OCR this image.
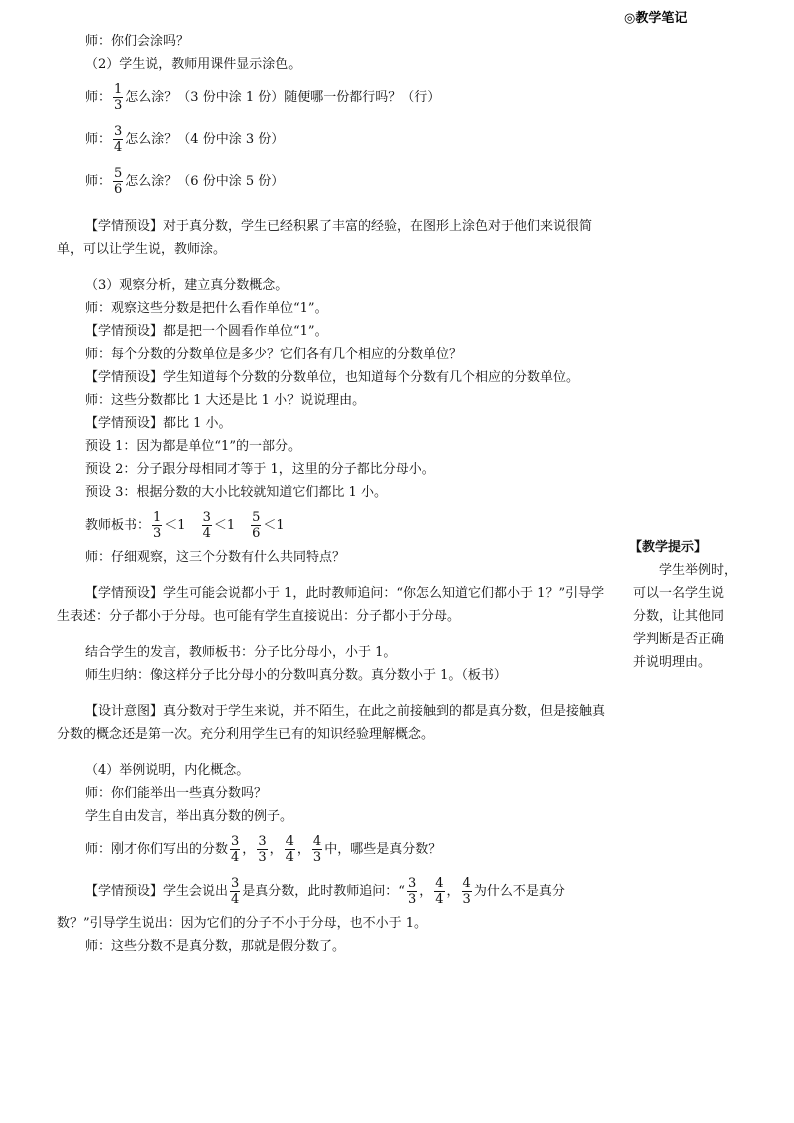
◎教学笔记

师：你们会涂吗？

（2）学生说，教师用课件显示涂色。

师： $\frac{1}{3}$ 怎么涂？（3 份中涂 1 份）随便哪一份都行吗？（行）
师： $\frac{3}{4}$ 怎么涂？（4 份中涂 3 份）
师： $\frac{5}{6}$ 怎么涂？（6 份中涂 5 份）

【学情预设】对于真分数，学生已经积累了丰富的经验，在图形上涂色对于他们来说很简单，可以让学生说，教师涂。

（3）观察分析，建立真分数概念。

师：观察这些分数是把什么看作单位“1”。

【学情预设】都是把一个圆看作单位“1”。

师：每个分数的分数单位是多少？它们各有几个相应的分数单位？

【学情预设】学生知道每个分数的分数单位，也知道每个分数有几个相应的分数单位。

师：这些分数都比 1 大还是比 1 小？说说理由。

【学情预设】都比 1 小。

预设 1：因为都是单位“1”的一部分。

预设 2：分子跟分母相同才等于 1，这里的分子都比分母小。

预设 3：根据分数的大小比较就知道它们都比 1 小。

教师板书： $\frac{1}{3} <1 \frac{3}{4} <1 \frac{5}{6} <1$

师：仔细观察，这三个分数有什么共同特点？

【学情预设】学生可能会说都小于 1，此时教师追问：“你怎么知道它们都小于 1？”引导学生表述：分子都小于分母。也可能有学生直接说出：分子都小于分母。

结合学生的发言，教师板书：分子比分母小，小于 1。

师生归纳：像这样分子比分母小的分数叫真分数。真分数小于 1。（板书）

【设计意图】真分数对于学生来说，并不陌生，在此之前接触到的都是真分数，但是接触真分数的概念还是第一次。充分利用学生已有的知识经验理解概念。

（4）举例说明，内化概念。

师：你们能举出一些真分数吗？

学生自由发言，举出真分数的例子。

师：刚才你们写出的分数 $\frac{3}{4}$ ， $\frac{3}{3}$ ， $\frac{4}{4}$ ， $\frac{4}{3}$ 中，哪些是真分数？
【学情预设】学生会说出 $\frac{3}{4}$ 是真分数，此时教师追问：“ $\frac{3}{3}$ ， $\frac{4}{4}$ ， $\frac{4}{3}$ 为什么不是真分

数？”引导学生说出：因为它们的分子不小于分母，也不小于 1。

师：这些分数不是真分数，那就是假分数了。

【教学提示】
学生举例时，
可以一名学生说
分数，让其他同
学判断是否正确
并说明理由。
